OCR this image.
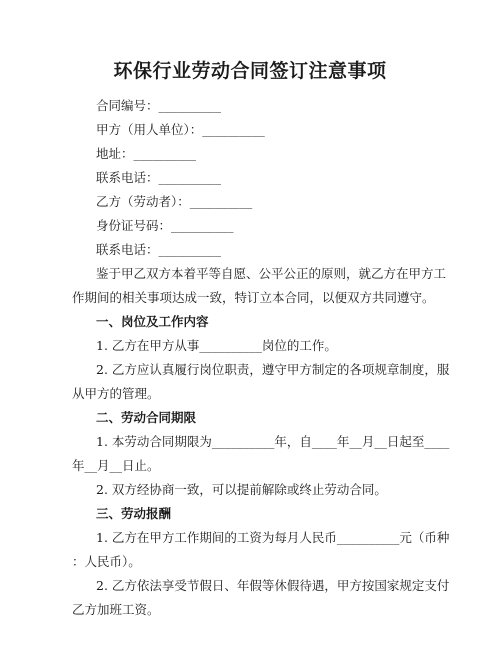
环保行业劳动合同签订注意事项
合同编号：__________
甲方（用人单位）：__________
地址：__________
联系电话：__________
乙方（劳动者）：__________
身份证号码：__________
联系电话：__________
鉴于甲乙双方本着平等自愿、公平公正的原则，就乙方在甲方工
作期间的相关事项达成一致，特订立本合同，以便双方共同遵守。
一、岗位及工作内容
1. 乙方在甲方从事__________岗位的工作。
2. 乙方应认真履行岗位职责，遵守甲方制定的各项规章制度，服
从甲方的管理。
二、劳动合同期限
1. 本劳动合同期限为__________年，自____年__月__日起至____
年__月__日止。
2. 双方经协商一致，可以提前解除或终止劳动合同。
三、劳动报酬
1. 乙方在甲方工作期间的工资为每月人民币__________元（币种
：人民币）。
2. 乙方依法享受节假日、年假等休假待遇，甲方按国家规定支付
乙方加班工资。
